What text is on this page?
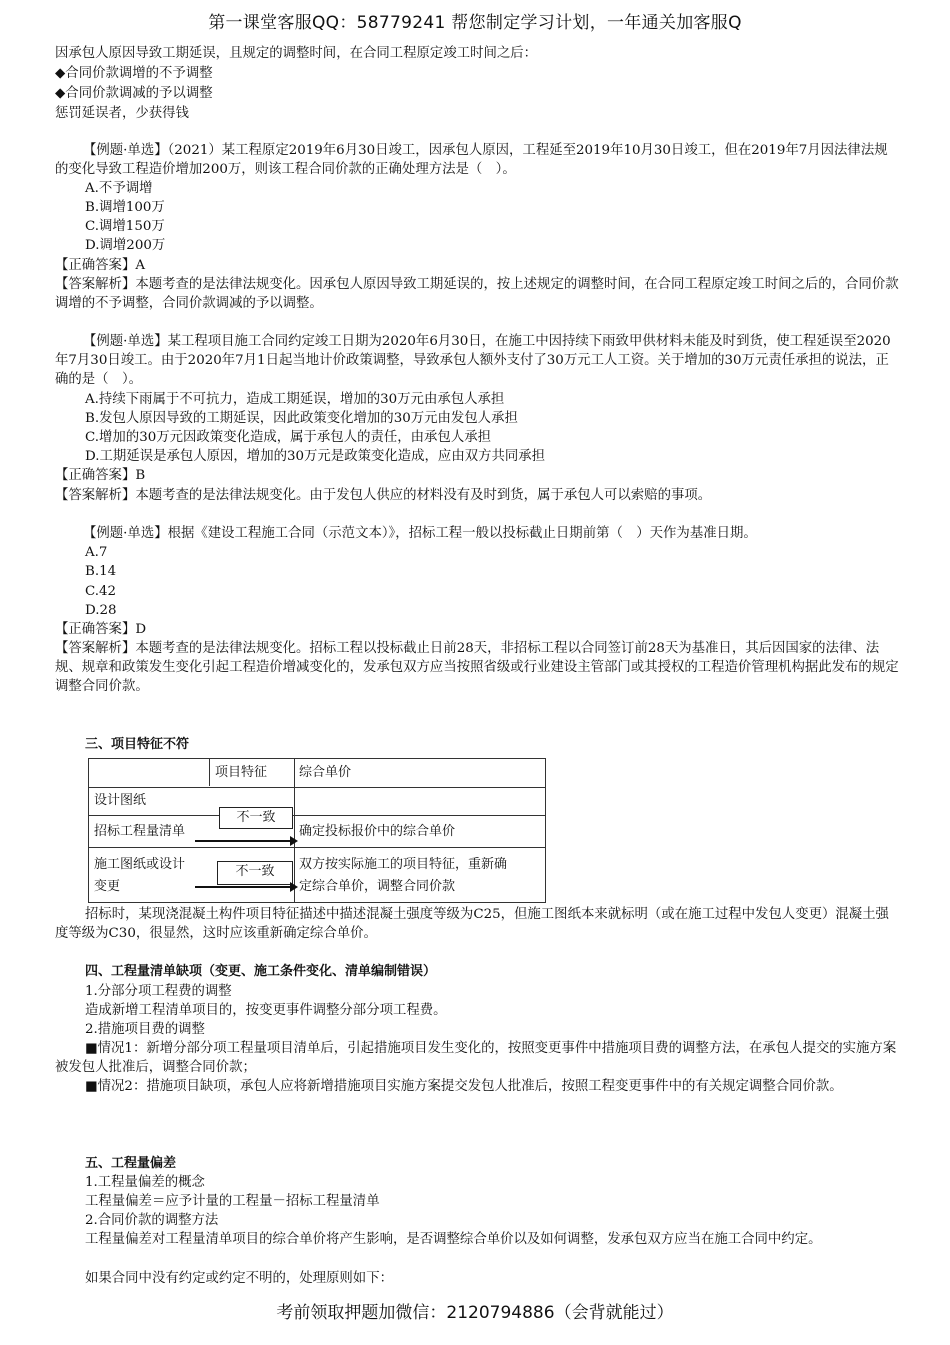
第一课堂客服QQ：58779241 帮您制定学习计划，一年通关加客服Q
因承包人原因导致工期延误，且规定的调整时间，在合同工程原定竣工时间之后：
◆合同价款调增的不予调整
◆合同价款调减的予以调整
惩罚延误者，少获得钱
【例题·单选】（2021）某工程原定2019年6月30日竣工，因承包人原因，工程延至2019年10月30日竣工，但在2019年7月因法律法规的变化导致工程造价增加200万，则该工程合同价款的正确处理方法是（　）。
A.不予调增
B.调增100万
C.调增150万
D.调增200万
【正确答案】A
【答案解析】本题考查的是法律法规变化。因承包人原因导致工期延误的，按上述规定的调整时间，在合同工程原定竣工时间之后的，合同价款调增的不予调整，合同价款调减的予以调整。
【例题·单选】某工程项目施工合同约定竣工日期为2020年6月30日，在施工中因持续下雨致甲供材料未能及时到货，使工程延误至2020年7月30日竣工。由于2020年7月1日起当地计价政策调整，导致承包人额外支付了30万元工人工资。关于增加的30万元责任承担的说法，正确的是（　）。
A.持续下雨属于不可抗力，造成工期延误，增加的30万元由承包人承担
B.发包人原因导致的工期延误，因此政策变化增加的30万元由发包人承担
C.增加的30万元因政策变化造成，属于承包人的责任，由承包人承担
D.工期延误是承包人原因，增加的30万元是政策变化造成，应由双方共同承担
【正确答案】B
【答案解析】本题考查的是法律法规变化。由于发包人供应的材料没有及时到货，属于承包人可以索赔的事项。
【例题·单选】根据《建设工程施工合同（示范文本）》，招标工程一般以投标截止日期前第（　）天作为基准日期。
A.7
B.14
C.42
D.28
【正确答案】D
【答案解析】本题考查的是法律法规变化。招标工程以投标截止日前28天，非招标工程以合同签订前28天为基准日，其后因国家的法律、法规、规章和政策发生变化引起工程造价增减变化的，发承包双方应当按照省级或行业建设主管部门或其授权的工程造价管理机构据此发布的规定调整合同价款。
三、项目特征不符
项目特征 综合单价
设计图纸
招标工程量清单
施工图纸或设计
变更
不一致
确定投标报价中的综合单价
不一致	双方按实际施工的项目特征，重新确
定综合单价，调整合同价款
招标时，某现浇混凝土构件项目特征描述中描述混凝土强度等级为C25，但施工图纸本来就标明（或在施工过程中发包人变更）混凝土强度等级为C30，很显然，这时应该重新确定综合单价。
四、工程量清单缺项（变更、施工条件变化、清单编制错误）
1.分部分项工程费的调整
造成新增工程清单项目的，按变更事件调整分部分项工程费。
2.措施项目费的调整
■情况1：新增分部分项工程量项目清单后，引起措施项目发生变化的，按照变更事件中措施项目费的调整方法，在承包人提交的实施方案被发包人批准后，调整合同价款；
■情况2：措施项目缺项，承包人应将新增措施项目实施方案提交发包人批准后，按照工程变更事件中的有关规定调整合同价款。
五、工程量偏差
1.工程量偏差的概念
工程量偏差＝应予计量的工程量－招标工程量清单
2.合同价款的调整方法
工程量偏差对工程量清单项目的综合单价将产生影响，是否调整综合单价以及如何调整，发承包双方应当在施工合同中约定。
如果合同中没有约定或约定不明的，处理原则如下：
考前领取押题加微信：2120794886（会背就能过）
